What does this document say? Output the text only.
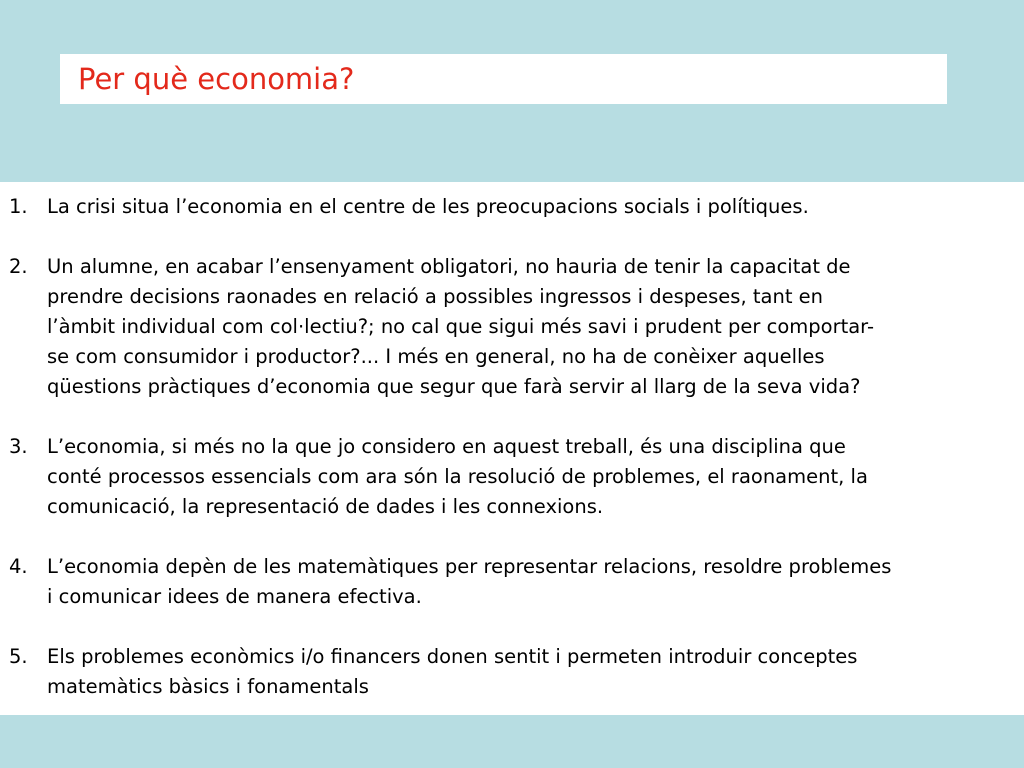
Per què economia?
1. La crisi situa l’economia en el centre de les preocupacions socials i polítiques.
2. Un alumne, en acabar l’ensenyament obligatori, no hauria de tenir la capacitat de
prendre decisions raonades en relació a possibles ingressos i despeses, tant en
l’àmbit individual com col·lectiu?; no cal que sigui més savi i prudent per comportar-
se com consumidor i productor?... I més en general, no ha de conèixer aquelles
qüestions pràctiques d’economia que segur que farà servir al llarg de la seva vida?
3. L’economia, si més no la que jo considero en aquest treball, és una disciplina que
conté processos essencials com ara són la resolució de problemes, el raonament, la
comunicació, la representació de dades i les connexions.
4. L’economia depèn de les matemàtiques per representar relacions, resoldre problemes
i comunicar idees de manera efectiva.
5. Els problemes econòmics i/o financers donen sentit i permeten introduir conceptes
matemàtics bàsics i fonamentals
